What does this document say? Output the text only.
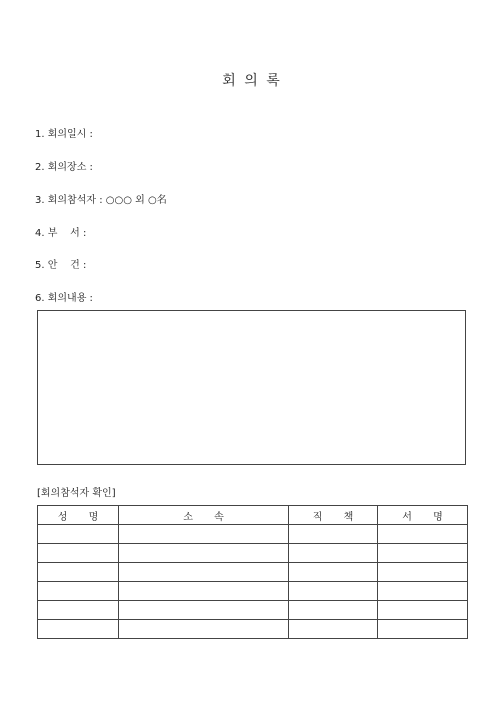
회 의 록
1. 회의일시 :
2. 회의장소 :
3. 회의참석자 : ○○○ 외 ○名
4. 부    서 :
5. 안    건 :
6. 회의내용 :
[회의참석자 확인]
성 명	소 속	직 책	서 명
